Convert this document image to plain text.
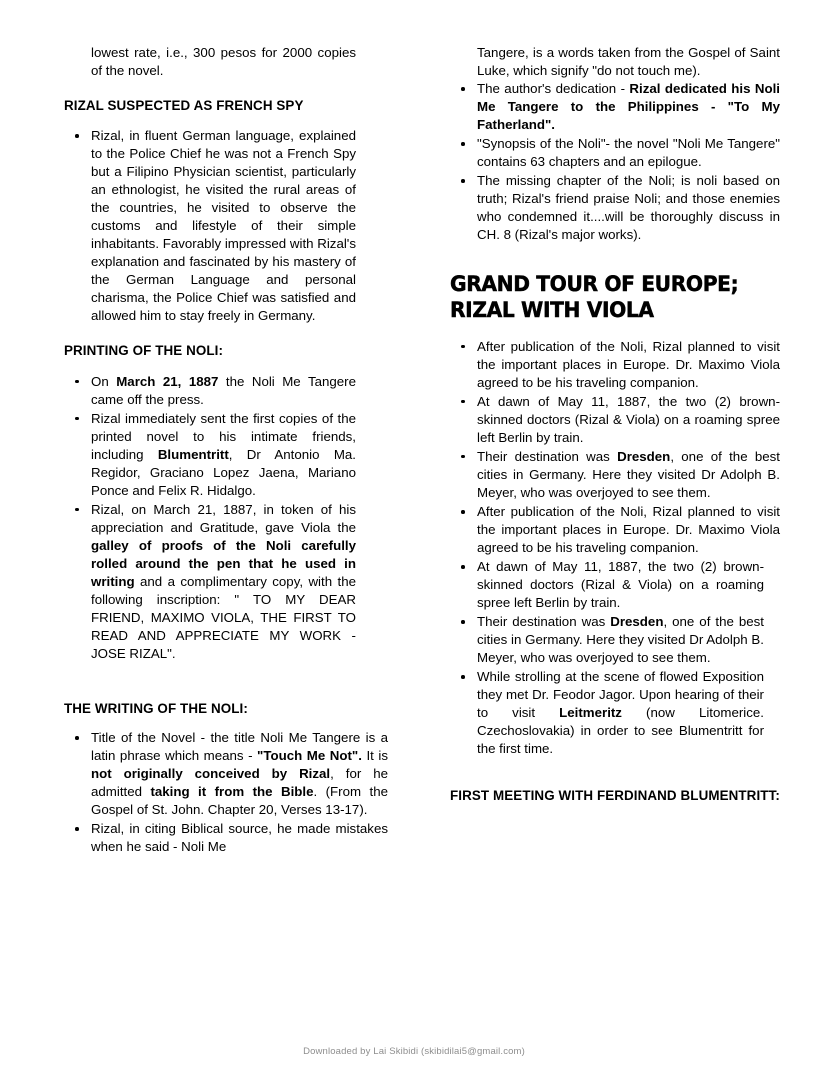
lowest rate, i.e., 300 pesos for 2000 copies of the novel.

RIZAL SUSPECTED AS FRENCH SPY
Rizal, in fluent German language, explained to the Police Chief he was not a French Spy but a Filipino Physician scientist, particularly an ethnologist, he visited the rural areas of the countries, he visited to observe the customs and lifestyle of their simple inhabitants. Favorably impressed with Rizal's explanation and fascinated by his mastery of the German Language and personal charisma, the Police Chief was satisfied and allowed him to stay freely in Germany.
PRINTING OF THE NOLI:
On March 21, 1887 the Noli Me Tangere came off the press.
Rizal immediately sent the first copies of the printed novel to his intimate friends, including Blumentritt, Dr Antonio Ma. Regidor, Graciano Lopez Jaena, Mariano Ponce and Felix R. Hidalgo.
Rizal, on March 21, 1887, in token of his appreciation and Gratitude, gave Viola the galley of proofs of the Noli carefully rolled around the pen that he used in writing and a complimentary copy, with the following inscription: " TO MY DEAR FRIEND, MAXIMO VIOLA, THE FIRST TO READ AND APPRECIATE MY WORK - JOSE RIZAL".
THE WRITING OF THE NOLI:
Title of the Novel - the title Noli Me Tangere is a latin phrase which means - "Touch Me Not". It is not originally conceived by Rizal, for he admitted taking it from the Bible. (From the Gospel of St. John. Chapter 20, Verses 13-17).
Rizal, in citing Biblical source, he made mistakes when he said - Noli Me

Tangere, is a words taken from the Gospel of Saint Luke, which signify "do not touch me).

The author's dedication - Rizal dedicated his Noli Me Tangere to the Philippines - "To My Fatherland".
"Synopsis of the Noli"- the novel "Noli Me Tangere" contains 63 chapters and an epilogue.
The missing chapter of the Noli; is noli based on truth; Rizal's friend praise Noli; and those enemies who condemned it....will be thoroughly discuss in CH. 8 (Rizal's major works).
GRAND TOUR OF EUROPE;
RIZAL WITH VIOLA
After publication of the Noli, Rizal planned to visit the important places in Europe. Dr. Maximo Viola agreed to be his traveling companion.
At dawn of May 11, 1887, the two (2) brown-skinned doctors (Rizal & Viola) on a roaming spree left Berlin by train.
Their destination was Dresden, one of the best cities in Germany. Here they visited Dr Adolph B. Meyer, who was overjoyed to see them.
After publication of the Noli, Rizal planned to visit the important places in Europe. Dr. Maximo Viola agreed to be his traveling companion.
At dawn of May 11, 1887, the two (2) brown-skinned doctors (Rizal & Viola) on a roaming spree left Berlin by train.
Their destination was Dresden, one of the best cities in Germany. Here they visited Dr Adolph B. Meyer, who was overjoyed to see them.
While strolling at the scene of flowed Exposition they met Dr. Feodor Jagor. Upon hearing of their to visit Leitmeritz (now Litomerice. Czechoslovakia) in order to see Blumentritt for the first time.
FIRST MEETING WITH FERDINAND BLUMENTRITT:
Downloaded by Lai Skibidi (skibidilai5@gmail.com)
